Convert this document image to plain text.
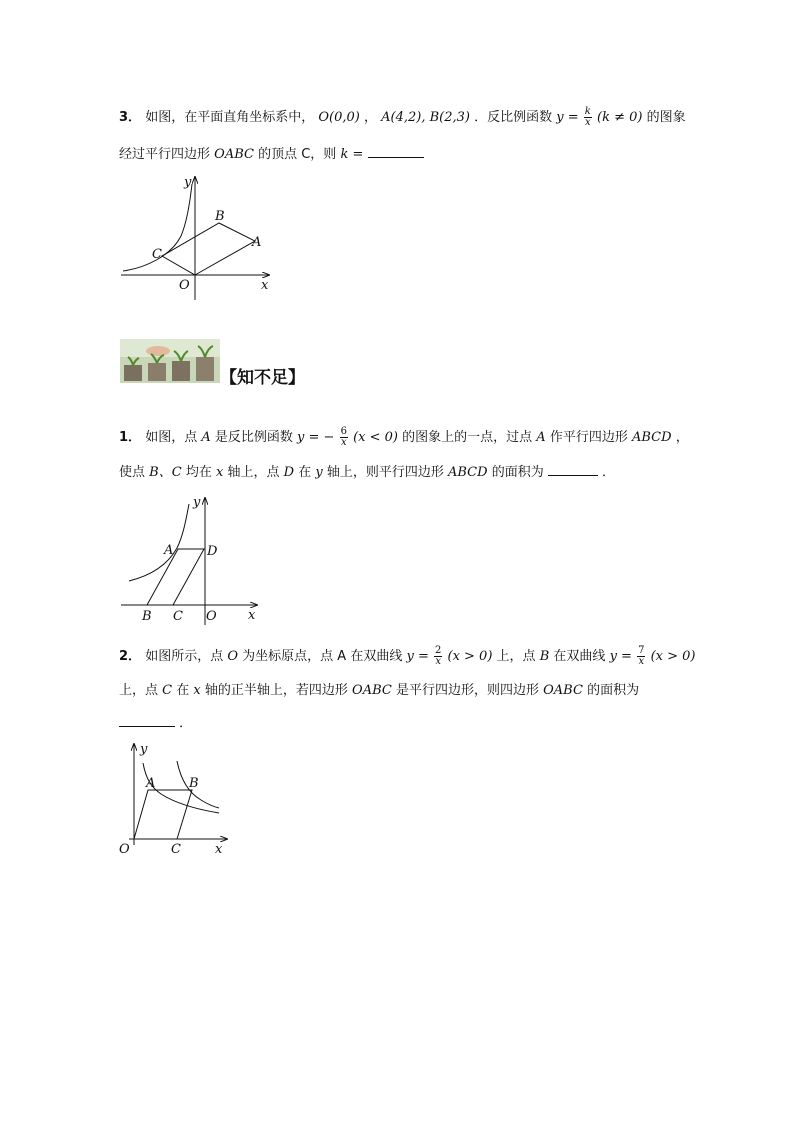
3． 如图，在平面直角坐标系中， O(0,0) ， A(4,2), B(2,3) ．反比例函数 $y = \frac{k}{x} (k \ne 0)$ 的图象
经过平行四边形 OABC 的顶点 C，则 k =
y
x
O
A
B
C
【知不足】
1． 如图，点 A 是反比例函数 y = − $\frac{6}{x} (x < 0)$ 的图象上的一点，过点 A 作平行四边形 ABCD ，
使点 B、C 均在 x 轴上，点 D 在 y 轴上，则平行四边形 ABCD 的面积为	．
y
x
O
A
B C
D
2． 如图所示，点 O 为坐标原点，点 A 在双曲线 $y = \frac{2}{x} (x > 0)$ 上，点 B 在双曲线 $y = \frac{7}{x} (x > 0)$
上，点 C 在 x 轴的正半轴上，若四边形 OABC 是平行四边形，则四边形 OABC 的面积为
．
y
x
O
A	B
C
